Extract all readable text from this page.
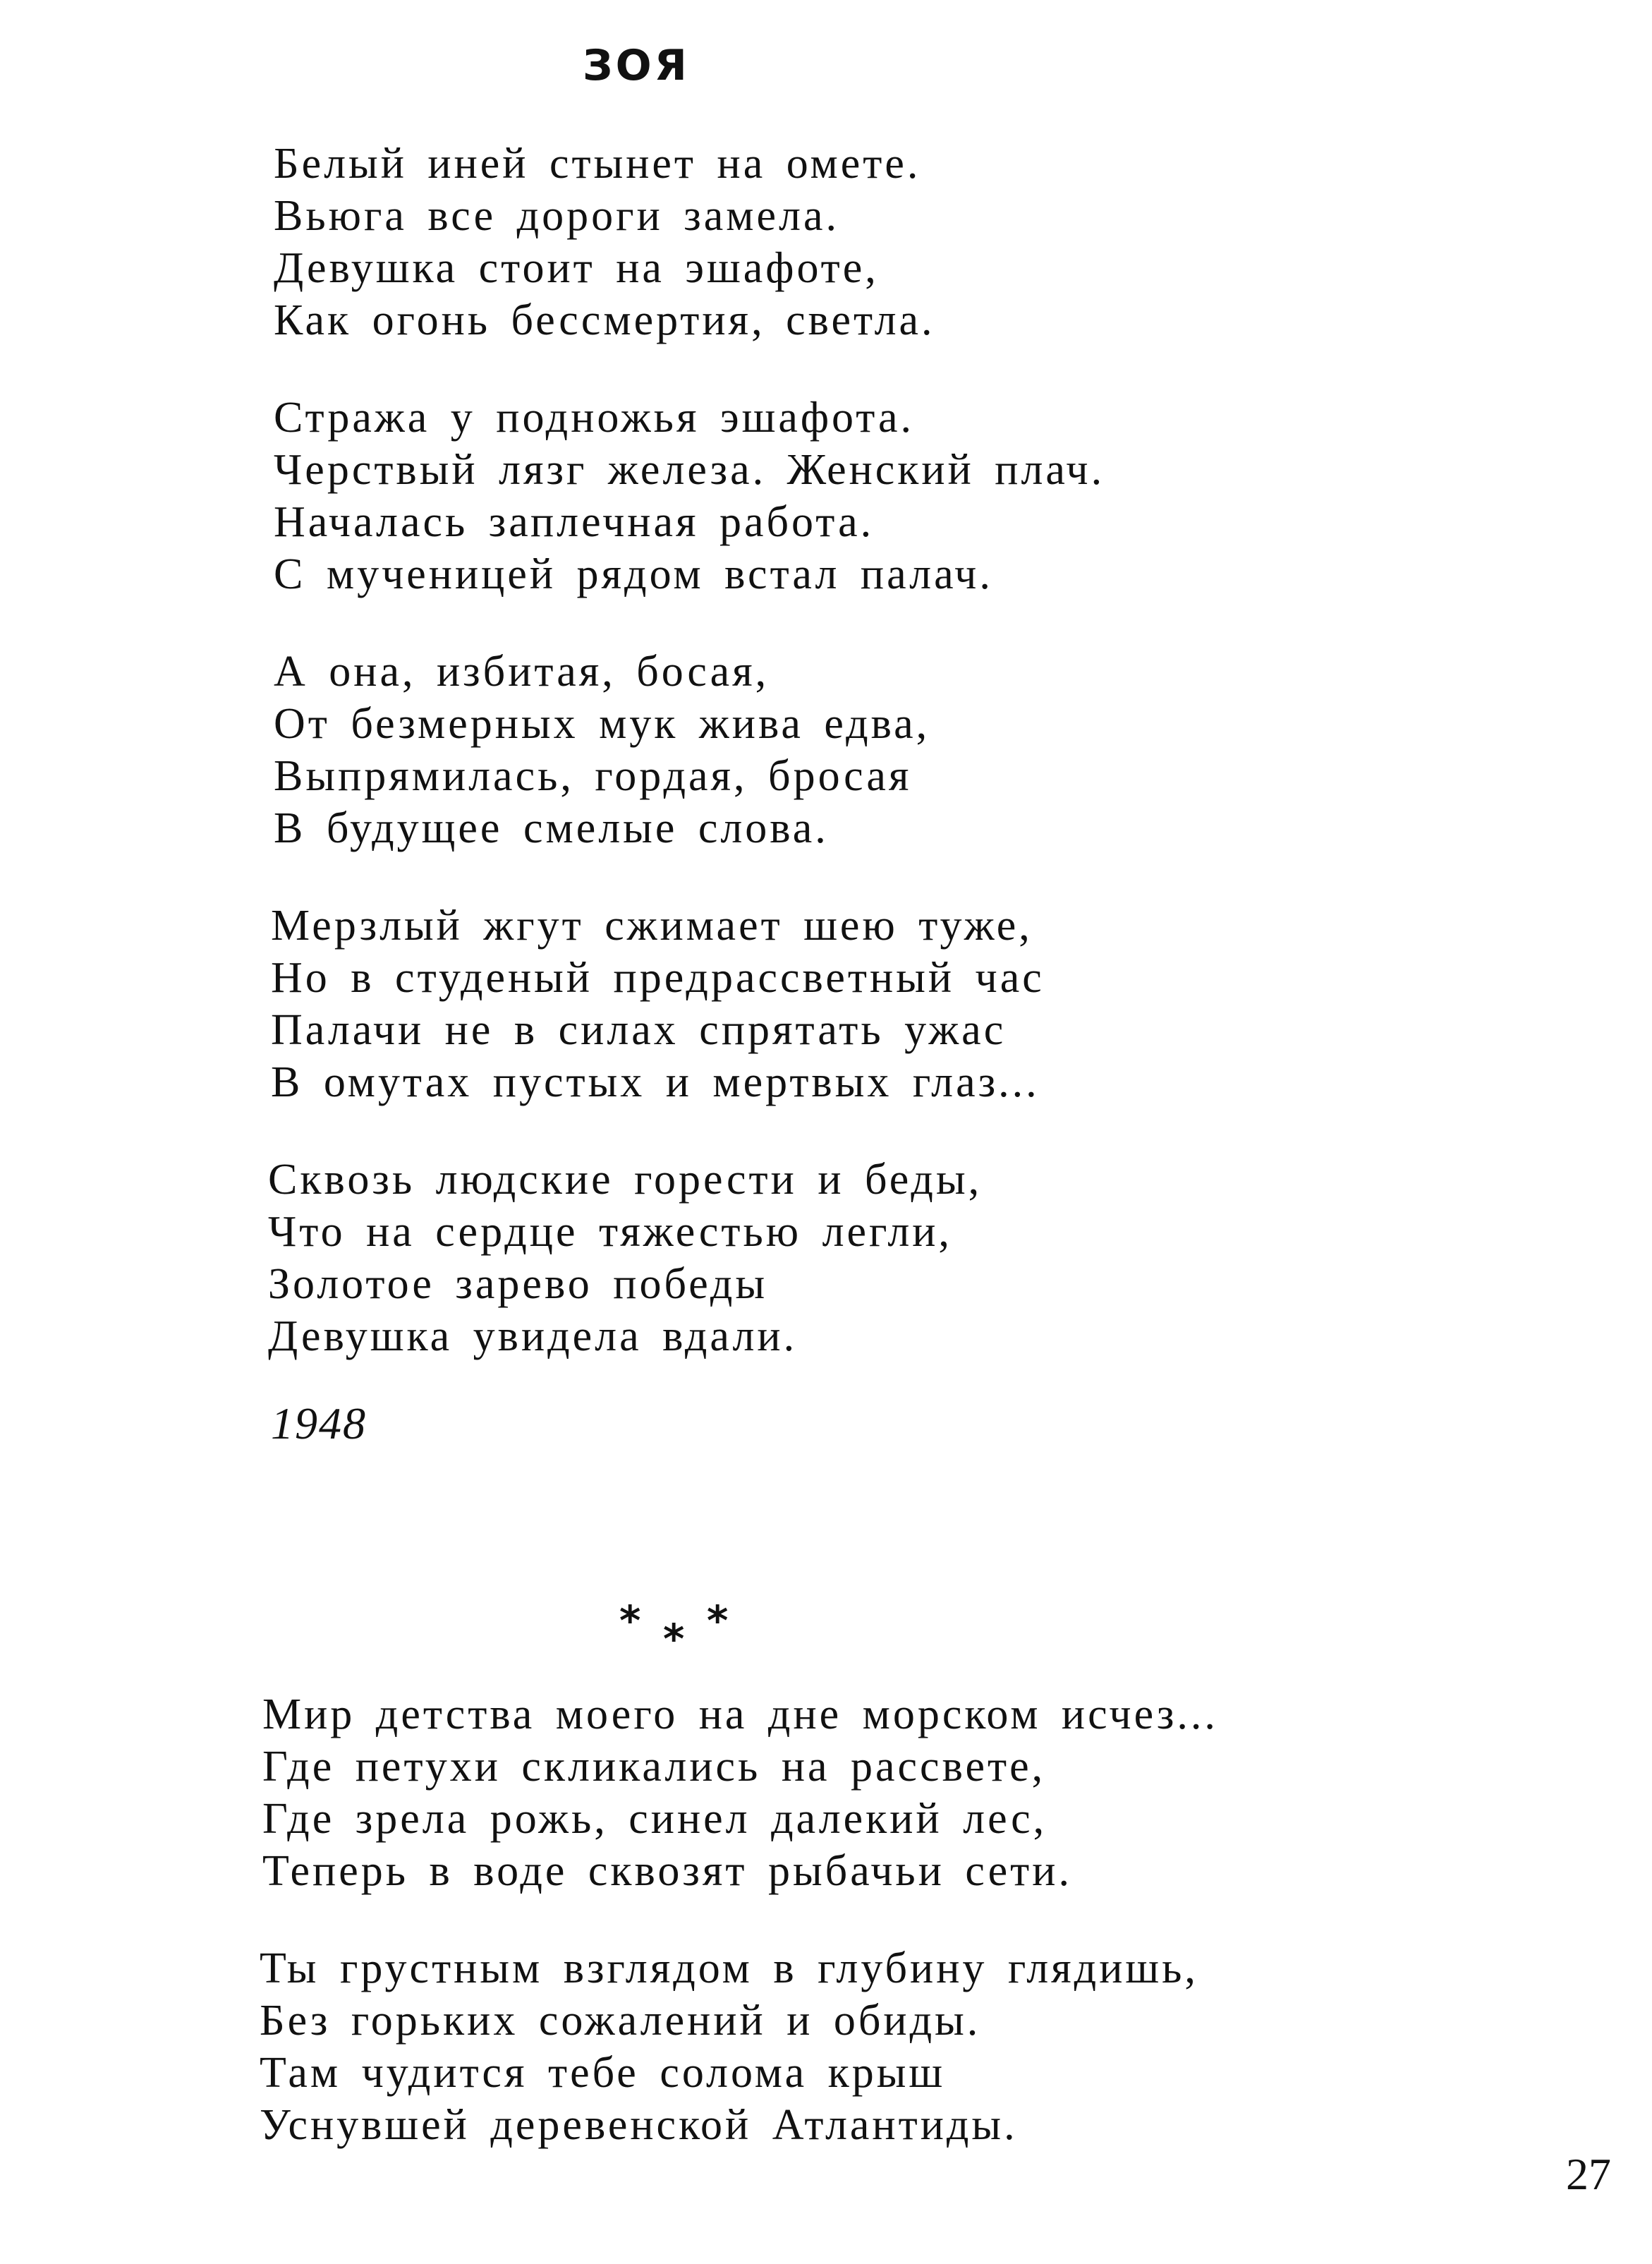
ЗОЯ

Белый иней стынет на омете.
Вьюга все дороги замела.
Девушка стоит на эшафоте,
Как огонь бессмертия, светла.

Стража у подножья эшафота.
Черствый лязг железа. Женский плач.
Началась заплечная работа.
С мученицей рядом встал палач.

А она, избитая, босая,
От безмерных мук жива едва,
Выпрямилась, гордая, бросая
В будущее смелые слова.

Мерзлый жгут сжимает шею туже,
Но в студеный предрассветный час
Палачи не в силах спрятать ужас
В омутах пустых и мертвых глаз...

Сквозь людские горести и беды,
Что на сердце тяжестью легли,
Золотое зарево победы
Девушка увидела вдали.

1948

* * *

Мир детства моего на дне морском исчез...
Где петухи скликались на рассвете,
Где зрела рожь, синел далекий лес,
Теперь в воде сквозят рыбачьи сети.

Ты грустным взглядом в глубину глядишь,
Без горьких сожалений и обиды.
Там чудится тебе солома крыш
Уснувшей деревенской Атлантиды.

27
